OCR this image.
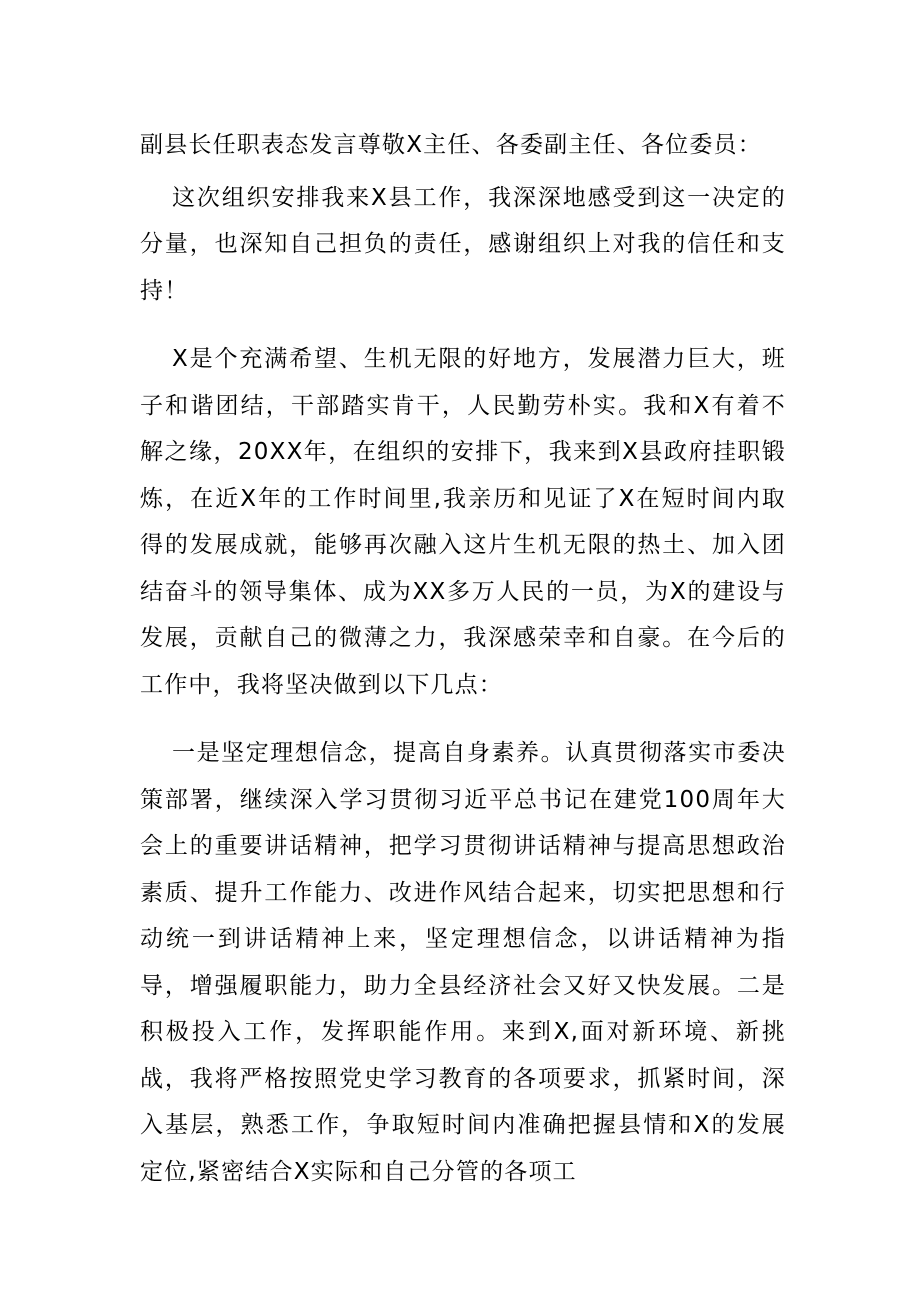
副县长任职表态发言尊敬X主任、各委副主任、各位委员：

这次组织安排我来X县工作，我深深地感受到这一决定的分量，也深知自己担负的责任，感谢组织上对我的信任和支持！

X是个充满希望、生机无限的好地方，发展潜力巨大，班子和谐团结，干部踏实肯干，人民勤劳朴实。我和X有着不解之缘，20XX年，在组织的安排下，我来到X县政府挂职锻炼，在近X年的工作时间里,我亲历和见证了X在短时间内取得的发展成就，能够再次融入这片生机无限的热土、加入团结奋斗的领导集体、成为XX多万人民的一员，为X的建设与发展，贡献自己的微薄之力，我深感荣幸和自豪。在今后的工作中，我将坚决做到以下几点：

一是坚定理想信念，提高自身素养。认真贯彻落实市委决策部署，继续深入学习贯彻习近平总书记在建党100周年大会上的重要讲话精神，把学习贯彻讲话精神与提高思想政治素质、提升工作能力、改进作风结合起来，切实把思想和行动统一到讲话精神上来，坚定理想信念，以讲话精神为指导，增强履职能力，助力全县经济社会又好又快发展。二是积极投入工作，发挥职能作用。来到X,面对新环境、新挑战，我将严格按照党史学习教育的各项要求，抓紧时间，深入基层，熟悉工作，争取短时间内准确把握县情和X的发展定位,紧密结合X实际和自己分管的各项工
